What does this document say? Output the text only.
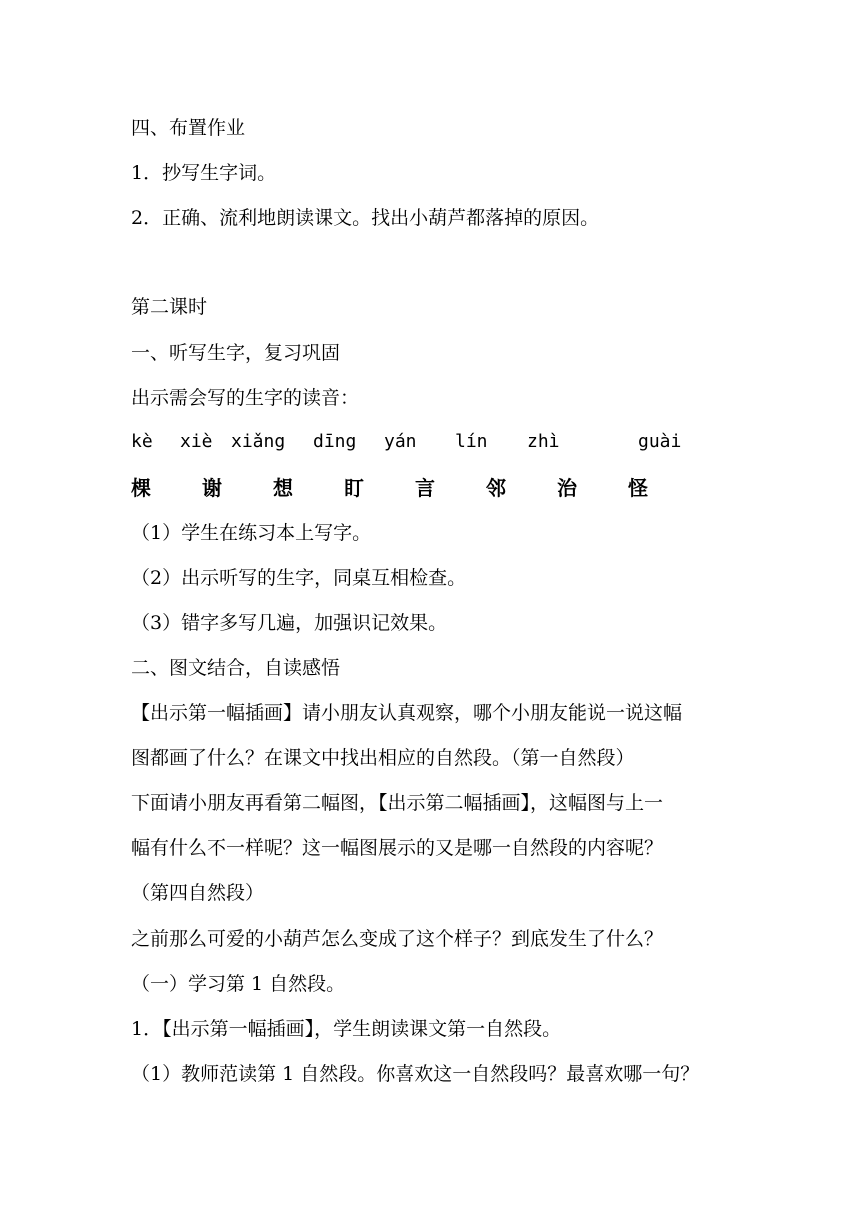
四、布置作业
1．抄写生字词。
2．正确、流利地朗读课文。找出小葫芦都落掉的原因。
第二课时
一、听写生字，复习巩固
出示需会写的生字的读音：
kè xiè xiǎng dīng yán lín zhì	guài
棵	谢	想	盯	言	邻	治	怪
（1）学生在练习本上写字。
（2）出示听写的生字，同桌互相检查。
（3）错字多写几遍，加强识记效果。
二、图文结合，自读感悟
【出示第一幅插画】请小朋友认真观察，哪个小朋友能说一说这幅
图都画了什么？在课文中找出相应的自然段。（第一自然段）
下面请小朋友再看第二幅图，【出示第二幅插画】，这幅图与上一
幅有什么不一样呢？这一幅图展示的又是哪一自然段的内容呢？
（第四自然段）
之前那么可爱的小葫芦怎么变成了这个样子？到底发生了什么？
（一）学习第 1 自然段。
1．【出示第一幅插画】，学生朗读课文第一自然段。
（1）教师范读第 1 自然段。你喜欢这一自然段吗？最喜欢哪一句？
